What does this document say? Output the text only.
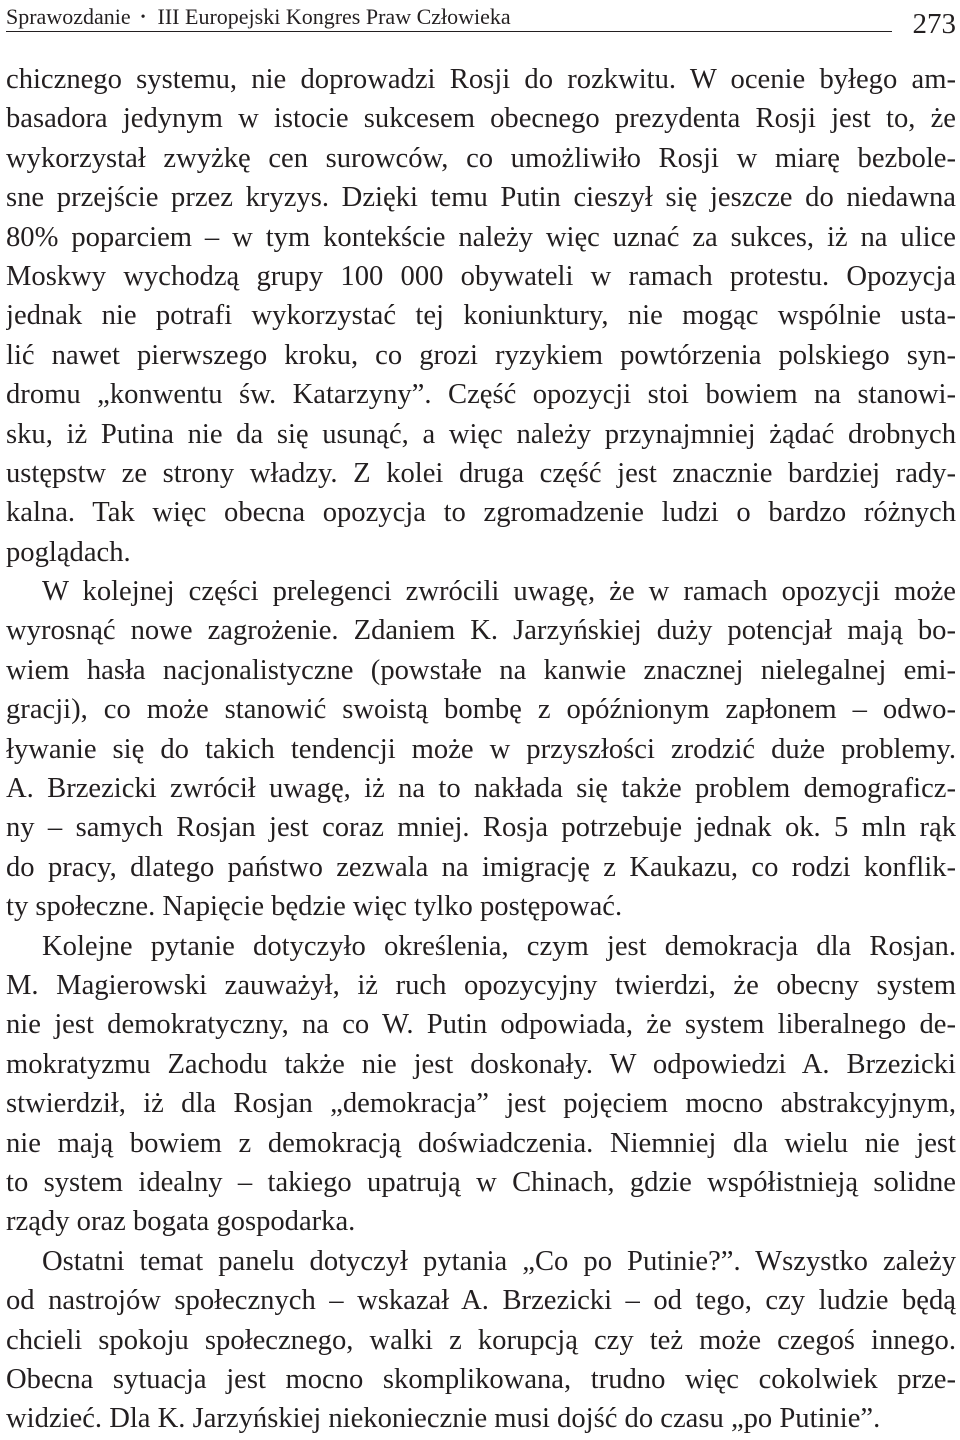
Sprawozdanie • III Europejski Kongres Praw Człowieka	273

chicznego systemu, nie doprowadzi Rosji do rozkwitu. W ocenie byłego am-
basadora jedynym w istocie sukcesem obecnego prezydenta Rosji jest to, że
wykorzystał zwyżkę cen surowców, co umożliwiło Rosji w miarę bezbole-
sne przejście przez kryzys. Dzięki temu Putin cieszył się jeszcze do niedawna
80% poparciem – w tym kontekście należy więc uznać za sukces, iż na ulice
Moskwy wychodzą grupy 100 000 obywateli w ramach protestu. Opozycja
jednak nie potrafi wykorzystać tej koniunktury, nie mogąc wspólnie usta-
lić nawet pierwszego kroku, co grozi ryzykiem powtórzenia polskiego syn-
dromu „konwentu św. Katarzyny”. Część opozycji stoi bowiem na stanowi-
sku, iż Putina nie da się usunąć, a więc należy przynajmniej żądać drobnych
ustępstw ze strony władzy. Z kolei druga część jest znacznie bardziej rady-
kalna. Tak więc obecna opozycja to zgromadzenie ludzi o bardzo różnych
poglądach.

W kolejnej części prelegenci zwrócili uwagę, że w ramach opozycji może
wyrosnąć nowe zagrożenie. Zdaniem K. Jarzyńskiej duży potencjał mają bo-
wiem hasła nacjonalistyczne (powstałe na kanwie znacznej nielegalnej emi-
gracji), co może stanowić swoistą bombę z opóźnionym zapłonem – odwo-
ływanie się do takich tendencji może w przyszłości zrodzić duże problemy.
A. Brzezicki zwrócił uwagę, iż na to nakłada się także problem demograficz-
ny – samych Rosjan jest coraz mniej. Rosja potrzebuje jednak ok. 5 mln rąk
do pracy, dlatego państwo zezwala na imigrację z Kaukazu, co rodzi konflik-
ty społeczne. Napięcie będzie więc tylko postępować.

Kolejne pytanie dotyczyło określenia, czym jest demokracja dla Rosjan.
M. Magierowski zauważył, iż ruch opozycyjny twierdzi, że obecny system
nie jest demokratyczny, na co W. Putin odpowiada, że system liberalnego de-
mokratyzmu Zachodu także nie jest doskonały. W odpowiedzi A. Brzezicki
stwierdził, iż dla Rosjan „demokracja” jest pojęciem mocno abstrakcyjnym,
nie mają bowiem z demokracją doświadczenia. Niemniej dla wielu nie jest
to system idealny – takiego upatrują w Chinach, gdzie współistnieją solidne
rządy oraz bogata gospodarka.

Ostatni temat panelu dotyczył pytania „Co po Putinie?”. Wszystko zależy
od nastrojów społecznych – wskazał A. Brzezicki – od tego, czy ludzie będą
chcieli spokoju społecznego, walki z korupcją czy też może czegoś innego.
Obecna sytuacja jest mocno skomplikowana, trudno więc cokolwiek prze-
widzieć. Dla K. Jarzyńskiej niekoniecznie musi dojść do czasu „po Putinie”.
